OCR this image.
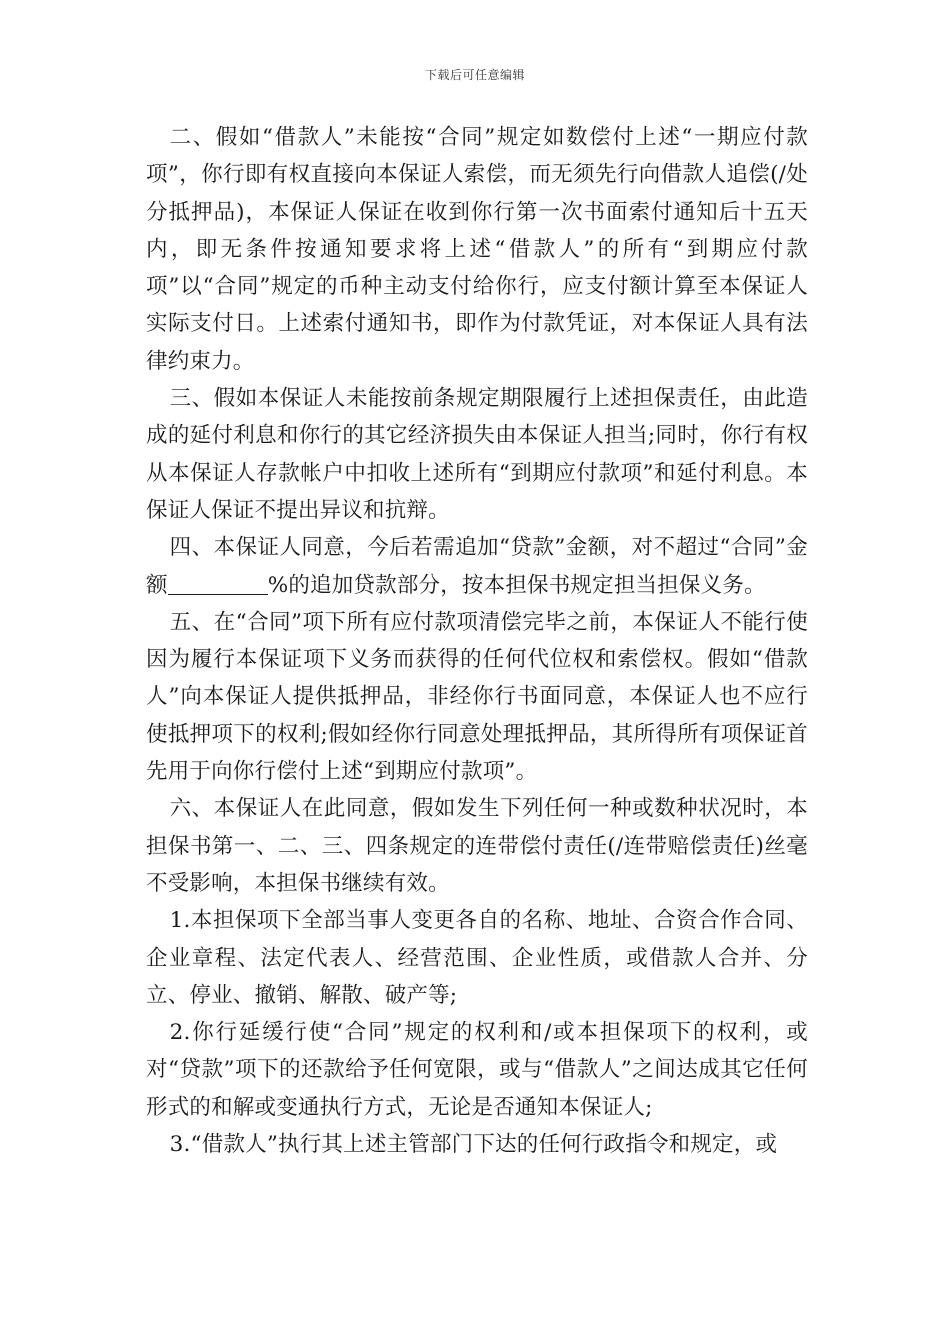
下载后可任意编辑

二、假如“借款人”未能按“合同”规定如数偿付上述“一期应付款项”，你行即有权直接向本保证人索偿，而无须先行向借款人追偿(/处分抵押品)，本保证人保证在收到你行第一次书面索付通知后十五天内，即无条件按通知要求将上述“借款人”的所有“到期应付款项”以“合同”规定的币种主动支付给你行，应支付额计算至本保证人实际支付日。上述索付通知书，即作为付款凭证，对本保证人具有法律约束力。

三、假如本保证人未能按前条规定期限履行上述担保责任，由此造成的延付利息和你行的其它经济损失由本保证人担当;同时，你行有权从本保证人存款帐户中扣收上述所有“到期应付款项”和延付利息。本保证人保证不提出异议和抗辩。

四、本保证人同意，今后若需追加“贷款”金额，对不超过“合同”金额	%的追加贷款部分，按本担保书规定担当担保义务。

五、在“合同”项下所有应付款项清偿完毕之前，本保证人不能行使因为履行本保证项下义务而获得的任何代位权和索偿权。假如“借款人”向本保证人提供抵押品，非经你行书面同意，本保证人也不应行使抵押项下的权利;假如经你行同意处理抵押品，其所得所有项保证首先用于向你行偿付上述“到期应付款项”。

六、本保证人在此同意，假如发生下列任何一种或数种状况时，本担保书第一、二、三、四条规定的连带偿付责任(/连带赔偿责任)丝毫不受影响，本担保书继续有效。

1.本担保项下全部当事人变更各自的名称、地址、合资合作合同、企业章程、法定代表人、经营范围、企业性质，或借款人合并、分立、停业、撤销、解散、破产等;

2.你行延缓行使“合同”规定的权利和/或本担保项下的权利，或对“贷款”项下的还款给予任何宽限，或与“借款人”之间达成其它任何形式的和解或变通执行方式，无论是否通知本保证人;

3.“借款人”执行其上述主管部门下达的任何行政指令和规定，或
